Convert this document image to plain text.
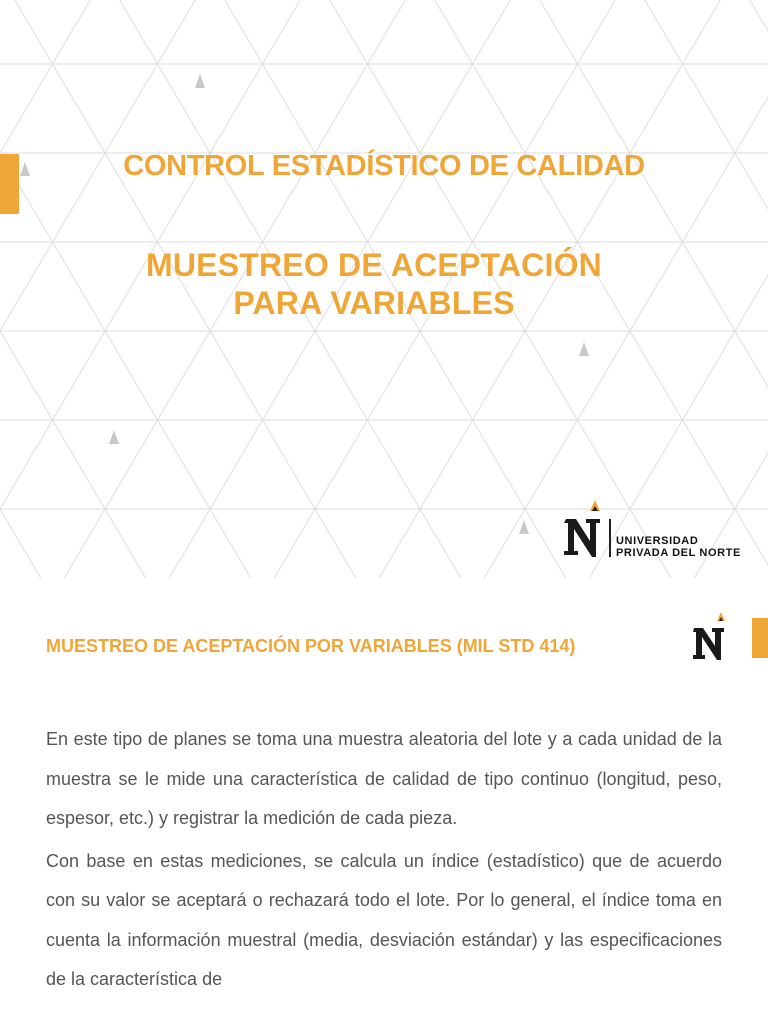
CONTROL ESTADÍSTICO DE CALIDAD
MUESTREO DE ACEPTACIÓN
PARA VARIABLES
UNIVERSIDAD
PRIVADA DEL NORTE
MUESTREO DE ACEPTACIÓN POR VARIABLES (MIL STD 414)

En este tipo de planes se toma una muestra aleatoria del lote y a cada unidad de la muestra se le mide una característica de calidad de tipo continuo (longitud, peso, espesor, etc.) y registrar la medición de cada pieza.

Con base en estas mediciones, se calcula un índice (estadístico) que de acuerdo con su valor se aceptará o rechazará todo el lote. Por lo general, el índice toma en cuenta la información muestral (media, desviación estándar) y las especificaciones de la característica de
